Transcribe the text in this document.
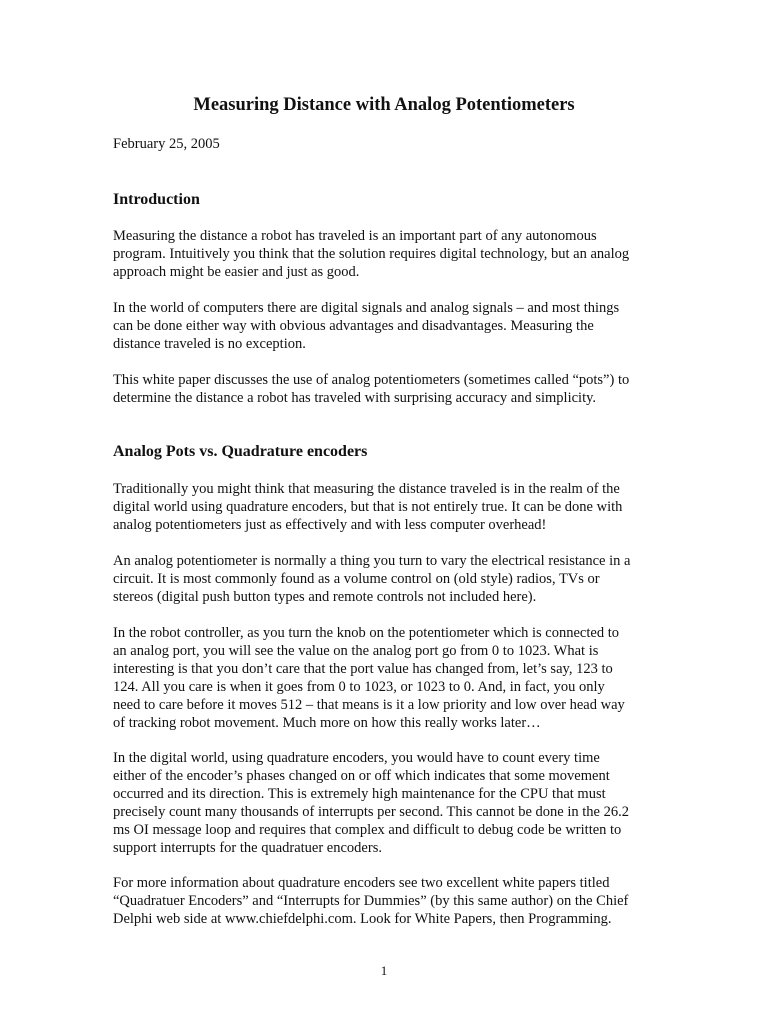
Measuring Distance with Analog Potentiometers

February 25, 2005

Introduction

Measuring the distance a robot has traveled is an important part of any autonomous
program. Intuitively you think that the solution requires digital technology, but an analog
approach might be easier and just as good.

In the world of computers there are digital signals and analog signals – and most things
can be done either way with obvious advantages and disadvantages. Measuring the
distance traveled is no exception.

This white paper discusses the use of analog potentiometers (sometimes called “pots”) to
determine the distance a robot has traveled with surprising accuracy and simplicity.

Analog Pots vs. Quadrature encoders

Traditionally you might think that measuring the distance traveled is in the realm of the
digital world using quadrature encoders, but that is not entirely true. It can be done with
analog potentiometers just as effectively and with less computer overhead!

An analog potentiometer is normally a thing you turn to vary the electrical resistance in a
circuit. It is most commonly found as a volume control on (old style) radios, TVs or
stereos (digital push button types and remote controls not included here).

In the robot controller, as you turn the knob on the potentiometer which is connected to
an analog port, you will see the value on the analog port go from 0 to 1023. What is
interesting is that you don’t care that the port value has changed from, let’s say, 123 to
124. All you care is when it goes from 0 to 1023, or 1023 to 0. And, in fact, you only
need to care before it moves 512 – that means is it a low priority and low over head way
of tracking robot movement. Much more on how this really works later…

In the digital world, using quadrature encoders, you would have to count every time
either of the encoder’s phases changed on or off which indicates that some movement
occurred and its direction. This is extremely high maintenance for the CPU that must
precisely count many thousands of interrupts per second. This cannot be done in the 26.2
ms OI message loop and requires that complex and difficult to debug code be written to
support interrupts for the quadratuer encoders.

For more information about quadrature encoders see two excellent white papers titled
“Quadratuer Encoders” and “Interrupts for Dummies” (by this same author) on the Chief
Delphi web side at www.chiefdelphi.com. Look for White Papers, then Programming.

1
